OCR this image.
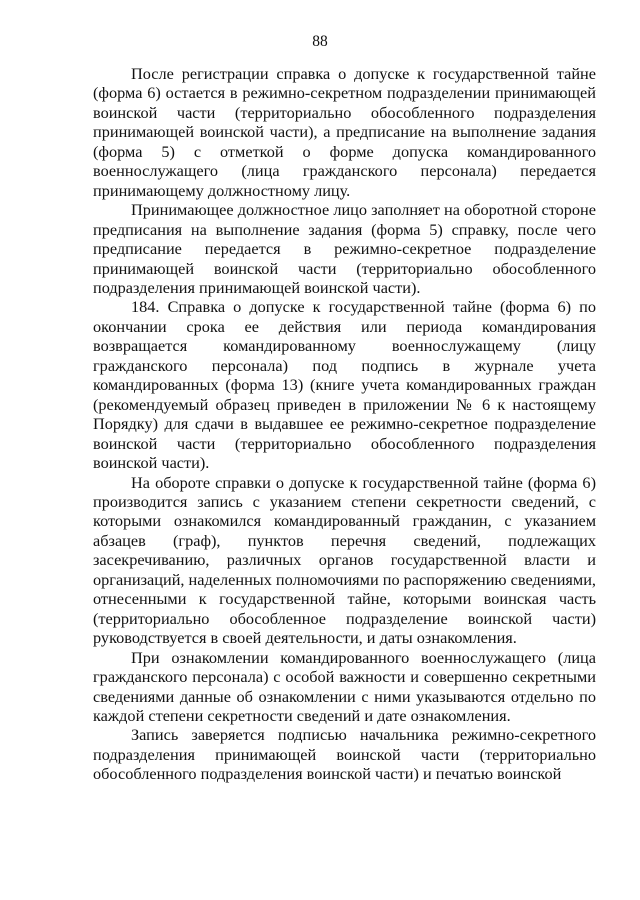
88

После регистрации справка о допуске к государственной тайне (форма 6) остается в режимно-секретном подразделении принимающей воинской части (территориально обособленного подразделения принимающей воинской части), а предписание на выполнение задания (форма 5) с отметкой о форме допуска командированного военнослужащего (лица гражданского персонала) передается принимающему должностному лицу.

Принимающее должностное лицо заполняет на оборотной стороне предписания на выполнение задания (форма 5) справку, после чего предписание передается в режимно-секретное подразделение принимающей воинской части (территориально обособленного подразделения принимающей воинской части).

184. Справка о допуске к государственной тайне (форма 6) по окончании срока ее действия или периода командирования возвращается командированному военнослужащему (лицу гражданского персонала) под подпись в журнале учета командированных (форма 13) (книге учета командированных граждан (рекомендуемый образец приведен в приложении № 6 к настоящему Порядку) для сдачи в выдавшее ее режимно-секретное подразделение воинской части (территориально обособленного подразделения воинской части).

На обороте справки о допуске к государственной тайне (форма 6) производится запись с указанием степени секретности сведений, с которыми ознакомился командированный гражданин, с указанием абзацев (граф), пунктов перечня сведений, подлежащих засекречиванию, различных органов государственной власти и организаций, наделенных полномочиями по распоряжению сведениями, отнесенными к государственной тайне, которыми воинская часть (территориально обособленное подразделение воинской части) руководствуется в своей деятельности, и даты ознакомления.

При ознакомлении командированного военнослужащего (лица гражданского персонала) с особой важности и совершенно секретными сведениями данные об ознакомлении с ними указываются отдельно по каждой степени секретности сведений и дате ознакомления.

Запись заверяется подписью начальника режимно-секретного подразделения принимающей воинской части (территориально обособленного подразделения воинской части) и печатью воинской
